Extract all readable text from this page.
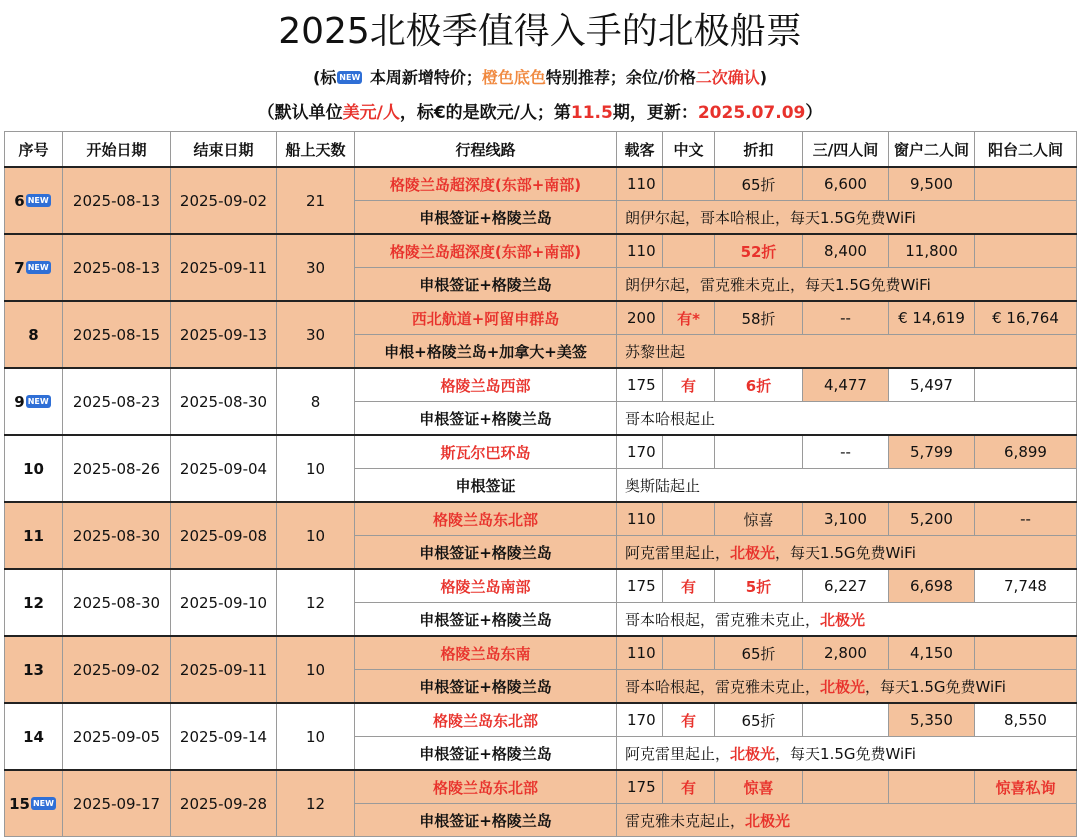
2025北极季值得入手的北极船票
(标 NEW 本周新增特价；橙色底色特别推荐；余位/价格二次确认)
（默认单位美元/人，标€的是欧元/人；第11.5期，更新：2025.07.09）
序号	开始日期	结束日期	船上天数	行程线路	载客	中文	折扣	三/四人间	窗户二人间	阳台二人间
6 NEW	2025-08-13	2025-09-02	21	格陵兰岛超深度(东部+南部)	110		65折	6,600	9,500	
				申根签证+格陵兰岛	朗伊尔起，哥本哈根止，每天1.5G免费WiFi					
7 NEW	2025-08-13	2025-09-11	30	格陵兰岛超深度(东部+南部)	110		52折	8,400	11,800	
				申根签证+格陵兰岛	朗伊尔起，雷克雅未克止，每天1.5G免费WiFi					
8	2025-08-15	2025-09-13	30	西北航道+阿留申群岛	200	有*	58折	--	€ 14,619	€ 16,764
				申根+格陵兰岛+加拿大+美签	苏黎世起					
9 NEW	2025-08-23	2025-08-30	8	格陵兰岛西部	175	有	6折	4,477	5,497	
				申根签证+格陵兰岛	哥本哈根起止					
10	2025-08-26	2025-09-04	10	斯瓦尔巴环岛	170			--	5,799	6,899
				申根签证	奥斯陆起止					
11	2025-08-30	2025-09-08	10	格陵兰岛东北部	110		惊喜	3,100	5,200	--
				申根签证+格陵兰岛	阿克雷里起止，北极光，每天1.5G免费WiFi					
12	2025-08-30	2025-09-10	12	格陵兰岛南部	175	有	5折	6,227	6,698	7,748
				申根签证+格陵兰岛	哥本哈根起，雷克雅未克止，北极光					
13	2025-09-02	2025-09-11	10	格陵兰岛东南	110		65折	2,800	4,150	
				申根签证+格陵兰岛	哥本哈根起，雷克雅未克止，北极光，每天1.5G免费WiFi					
14	2025-09-05	2025-09-14	10	格陵兰岛东北部	170	有	65折		5,350	8,550
				申根签证+格陵兰岛	阿克雷里起止，北极光，每天1.5G免费WiFi					
15 NEW	2025-09-17	2025-09-28	12	格陵兰岛东北部	175	有	惊喜			惊喜私询
				申根签证+格陵兰岛	雷克雅未克起止，北极光					
